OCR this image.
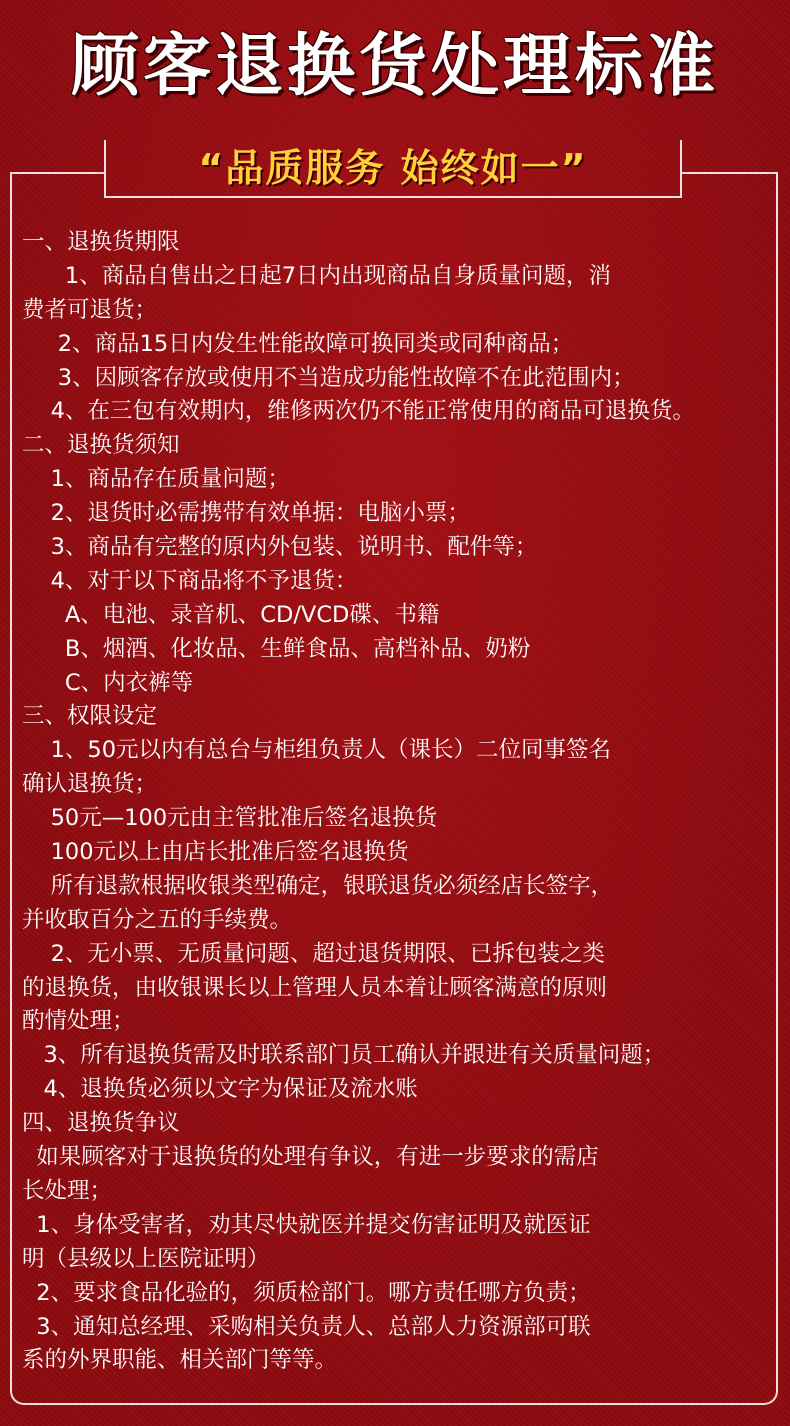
顾客退换货处理标准
“品质服务 始终如一”
一、退换货期限
1、商品自售出之日起7日内出现商品自身质量问题，消
费者可退货；
2、商品15日内发生性能故障可换同类或同种商品；
3、因顾客存放或使用不当造成功能性故障不在此范围内；
4、在三包有效期内，维修两次仍不能正常使用的商品可退换货。
二、退换货须知
1、商品存在质量问题；
2、退货时必需携带有效单据：电脑小票；
3、商品有完整的原内外包装、说明书、配件等；
4、对于以下商品将不予退货：
A、电池、录音机、CD/VCD碟、书籍
B、烟酒、化妆品、生鲜食品、高档补品、奶粉
C、内衣裤等
三、权限设定
1、50元以内有总台与柜组负责人（课长）二位同事签名
确认退换货；
50元—100元由主管批准后签名退换货
100元以上由店长批准后签名退换货
所有退款根据收银类型确定，银联退货必须经店长签字，
并收取百分之五的手续费。
2、无小票、无质量问题、超过退货期限、已拆包装之类
的退换货，由收银课长以上管理人员本着让顾客满意的原则
酌情处理；
3、所有退换货需及时联系部门员工确认并跟进有关质量问题；
4、退换货必须以文字为保证及流水账
四、退换货争议
如果顾客对于退换货的处理有争议，有进一步要求的需店
长处理；
1、身体受害者，劝其尽快就医并提交伤害证明及就医证
明（县级以上医院证明）
2、要求食品化验的，须质检部门。哪方责任哪方负责；
3、通知总经理、采购相关负责人、总部人力资源部可联
系的外界职能、相关部门等等。
